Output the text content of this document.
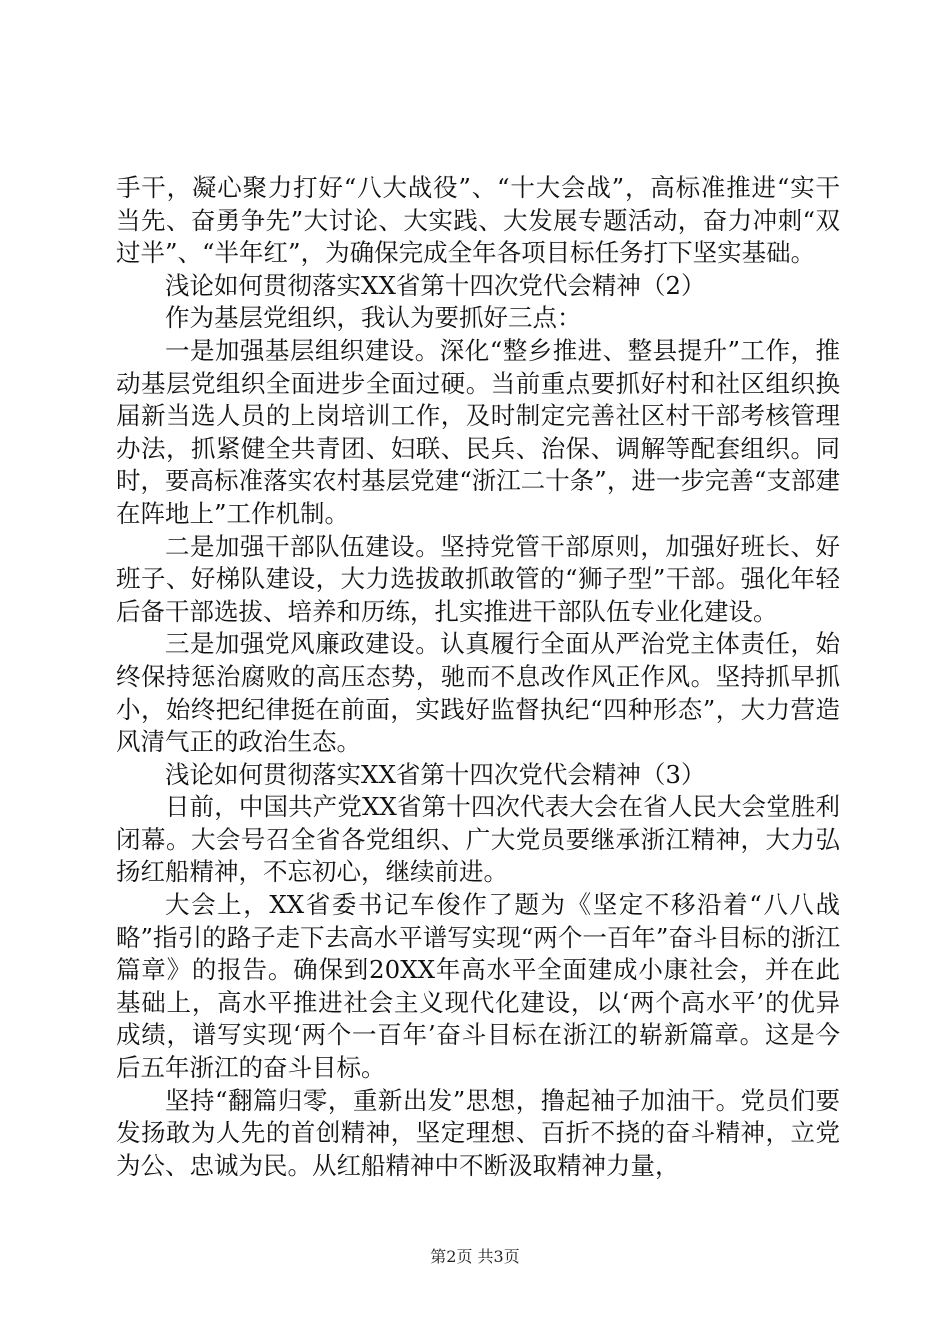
手干，凝心聚力打好“八大战役”、“十大会战”，高标准推进“实干当先、奋勇争先”大讨论、大实践、大发展专题活动，奋力冲刺“双过半”、“半年红”，为确保完成全年各项目标任务打下坚实基础。

浅论如何贯彻落实XX省第十四次党代会精神（2）

作为基层党组织，我认为要抓好三点：

一是加强基层组织建设。深化“整乡推进、整县提升”工作，推动基层党组织全面进步全面过硬。当前重点要抓好村和社区组织换届新当选人员的上岗培训工作，及时制定完善社区村干部考核管理办法，抓紧健全共青团、妇联、民兵、治保、调解等配套组织。同时，要高标准落实农村基层党建“浙江二十条”，进一步完善“支部建在阵地上”工作机制。

二是加强干部队伍建设。坚持党管干部原则，加强好班长、好班子、好梯队建设，大力选拔敢抓敢管的“狮子型”干部。强化年轻后备干部选拔、培养和历练，扎实推进干部队伍专业化建设。

三是加强党风廉政建设。认真履行全面从严治党主体责任，始终保持惩治腐败的高压态势，驰而不息改作风正作风。坚持抓早抓小，始终把纪律挺在前面，实践好监督执纪“四种形态”，大力营造风清气正的政治生态。

浅论如何贯彻落实XX省第十四次党代会精神（3）

日前，中国共产党XX省第十四次代表大会在省人民大会堂胜利闭幕。大会号召全省各党组织、广大党员要继承浙江精神，大力弘扬红船精神，不忘初心，继续前进。

大会上，XX省委书记车俊作了题为《坚定不移沿着“八八战略”指引的路子走下去高水平谱写实现“两个一百年”奋斗目标的浙江篇章》的报告。确保到20XX年高水平全面建成小康社会，并在此基础上，高水平推进社会主义现代化建设，以‘两个高水平’的优异成绩，谱写实现‘两个一百年’奋斗目标在浙江的崭新篇章。这是今后五年浙江的奋斗目标。

坚持“翻篇归零，重新出发”思想，撸起袖子加油干。党员们要发扬敢为人先的首创精神，坚定理想、百折不挠的奋斗精神，立党为公、忠诚为民。从红船精神中不断汲取精神力量，

第2页 共3页
